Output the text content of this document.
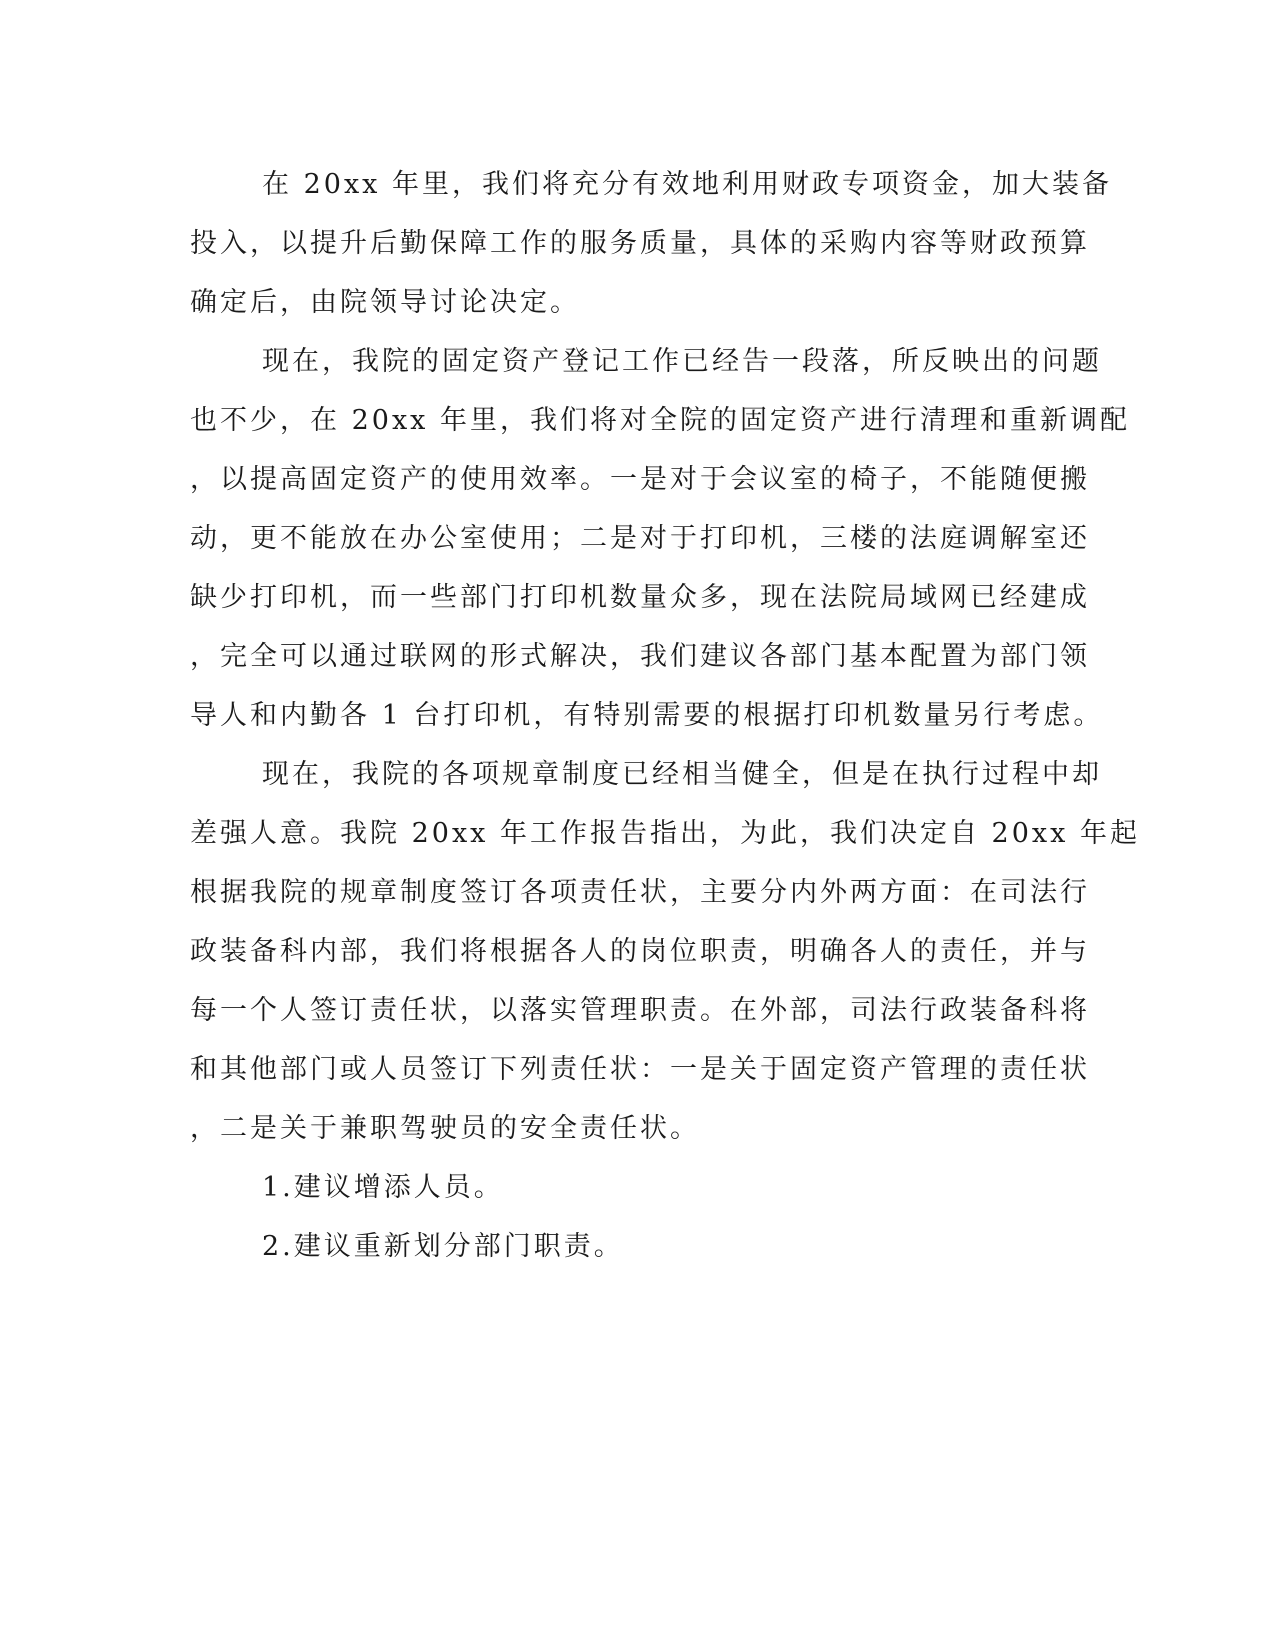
在 20xx 年里，我们将充分有效地利用财政专项资金，加大装备
投入，以提升后勤保障工作的服务质量，具体的采购内容等财政预算
确定后，由院领导讨论决定。
现在，我院的固定资产登记工作已经告一段落，所反映出的问题
也不少，在 20xx 年里，我们将对全院的固定资产进行清理和重新调配
，以提高固定资产的使用效率。一是对于会议室的椅子，不能随便搬
动，更不能放在办公室使用；二是对于打印机，三楼的法庭调解室还
缺少打印机，而一些部门打印机数量众多，现在法院局域网已经建成
，完全可以通过联网的形式解决，我们建议各部门基本配置为部门领
导人和内勤各 1 台打印机，有特别需要的根据打印机数量另行考虑。
现在，我院的各项规章制度已经相当健全，但是在执行过程中却
差强人意。我院 20xx 年工作报告指出，为此，我们决定自 20xx 年起
根据我院的规章制度签订各项责任状，主要分内外两方面：在司法行
政装备科内部，我们将根据各人的岗位职责，明确各人的责任，并与
每一个人签订责任状，以落实管理职责。在外部，司法行政装备科将
和其他部门或人员签订下列责任状：一是关于固定资产管理的责任状
，二是关于兼职驾驶员的安全责任状。
1.建议增添人员。
2.建议重新划分部门职责。
